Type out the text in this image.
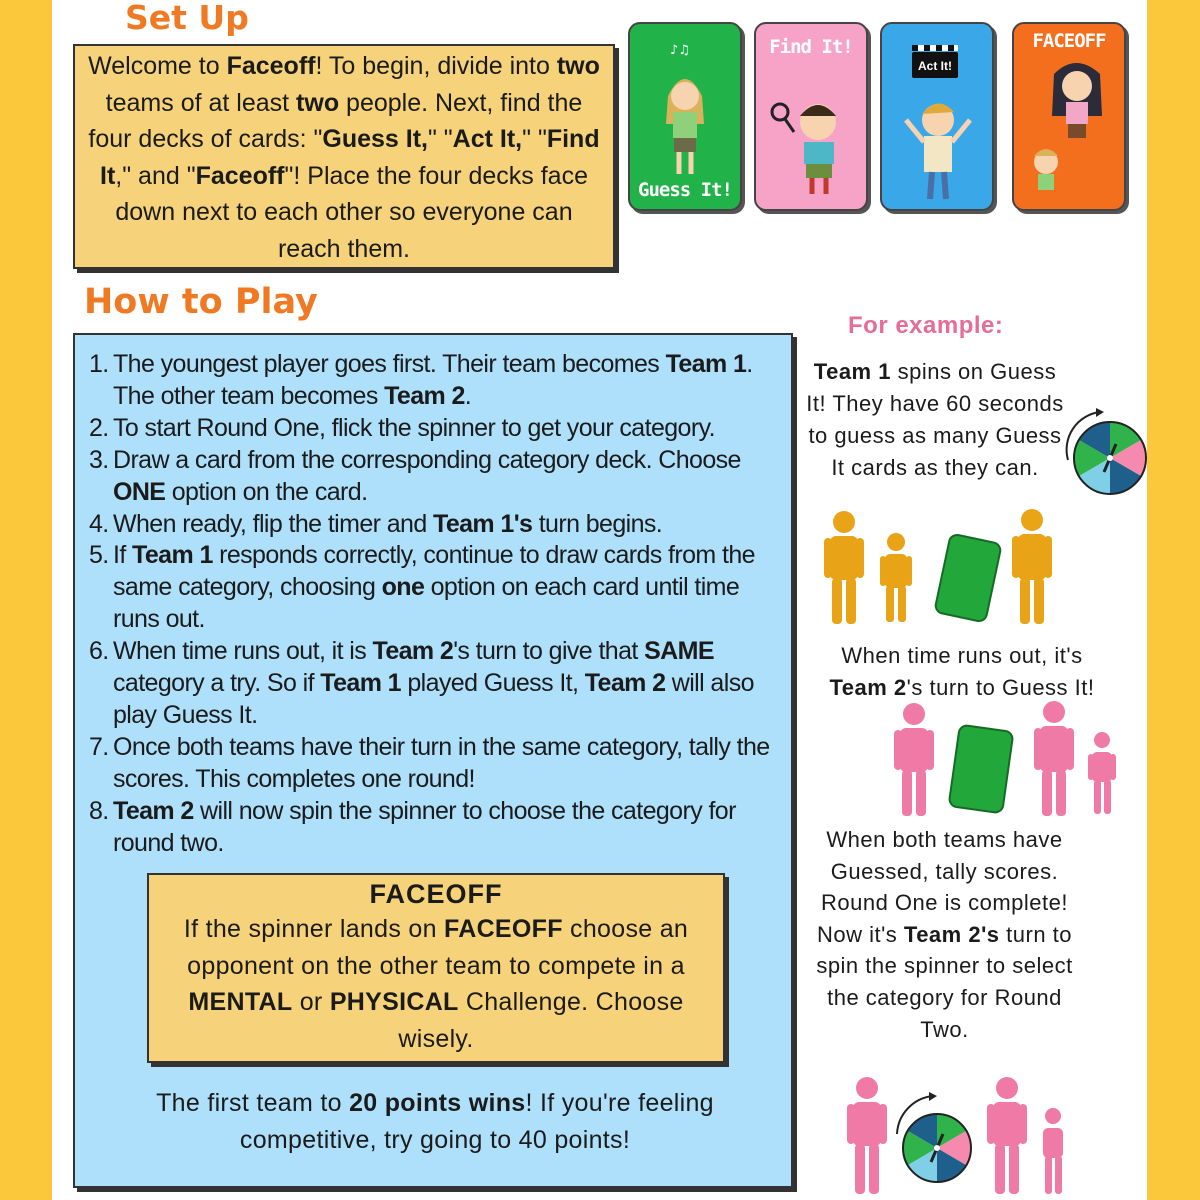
Set Up

Welcome to Faceoff! To begin, divide into two teams of at least two people. Next, find the four decks of cards: "Guess It," "Act It," "Find It," and "Faceoff"! Place the four decks face down next to each other so everyone can reach them.

♪♫
Guess It!
Find It!
Act It!
FACEOFF
How to Play
1. The youngest player goes first. Their team becomes Team 1. The other team becomes Team 2.
2. To start Round One, flick the spinner to get your category.
3. Draw a card from the corresponding category deck. Choose ONE option on the card.
4. When ready, flip the timer and Team 1's turn begins.
5. If Team 1 responds correctly, continue to draw cards from the same category, choosing one option on each card until time runs out.
6. When time runs out, it is Team 2's turn to give that SAME category a try. So if Team 1 played Guess It, Team 2 will also play Guess It.
7. Once both teams have their turn in the same category, tally the scores. This completes one round!
8. Team 2 will now spin the spinner to choose the category for round two.

FACEOFF

If the spinner lands on FACEOFF choose an opponent on the other team to compete in a MENTAL or PHYSICAL Challenge. Choose wisely.

The first team to 20 points wins! If you're feeling competitive, try going to 40 points!

For example:

Team 1 spins on Guess It! They have 60 seconds to guess as many Guess It cards as they can.

When time runs out, it's Team 2's turn to Guess It!

When both teams have Guessed, tally scores. Round One is complete! Now it's Team 2's turn to spin the spinner to select the category for Round Two.
